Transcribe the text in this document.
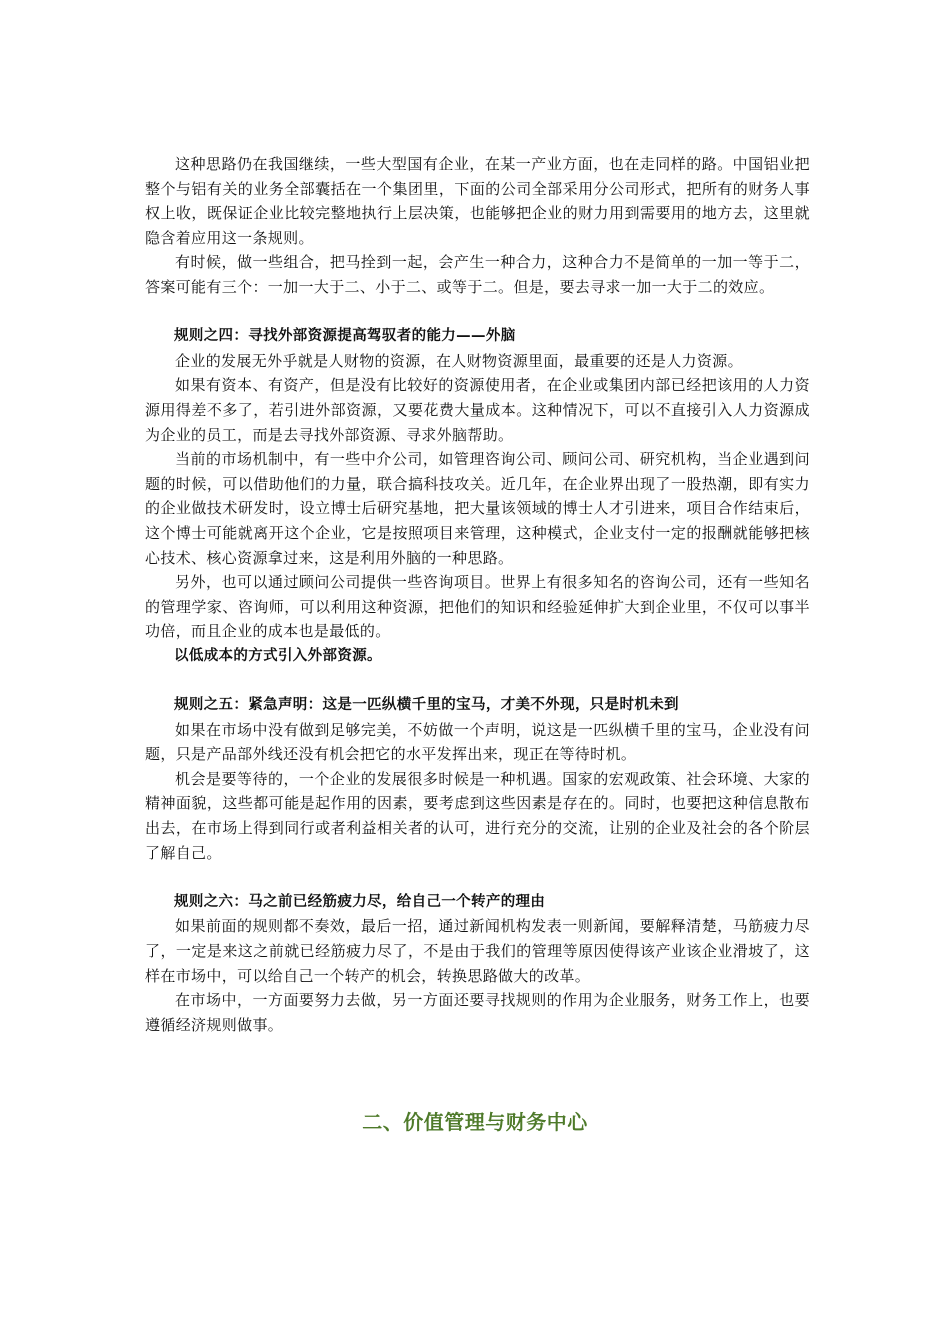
这种思路仍在我国继续，一些大型国有企业，在某一产业方面，也在走同样的路。中国铝业把整个与铝有关的业务全部囊括在一个集团里，下面的公司全部采用分公司形式，把所有的财务人事权上收，既保证企业比较完整地执行上层决策，也能够把企业的财力用到需要用的地方去，这里就隐含着应用这一条规则。

有时候，做一些组合，把马拴到一起，会产生一种合力，这种合力不是简单的一加一等于二，答案可能有三个：一加一大于二、小于二、或等于二。但是，要去寻求一加一大于二的效应。

规则之四：寻找外部资源提高驾驭者的能力——外脑

企业的发展无外乎就是人财物的资源，在人财物资源里面，最重要的还是人力资源。

如果有资本、有资产，但是没有比较好的资源使用者，在企业或集团内部已经把该用的人力资源用得差不多了，若引进外部资源，又要花费大量成本。这种情况下，可以不直接引入人力资源成为企业的员工，而是去寻找外部资源、寻求外脑帮助。

当前的市场机制中，有一些中介公司，如管理咨询公司、顾问公司、研究机构，当企业遇到问题的时候，可以借助他们的力量，联合搞科技攻关。近几年，在企业界出现了一股热潮，即有实力的企业做技术研发时，设立博士后研究基地，把大量该领域的博士人才引进来，项目合作结束后，这个博士可能就离开这个企业，它是按照项目来管理，这种模式，企业支付一定的报酬就能够把核心技术、核心资源拿过来，这是利用外脑的一种思路。

另外，也可以通过顾问公司提供一些咨询项目。世界上有很多知名的咨询公司，还有一些知名的管理学家、咨询师，可以利用这种资源，把他们的知识和经验延伸扩大到企业里，不仅可以事半功倍，而且企业的成本也是最低的。

以低成本的方式引入外部资源。

规则之五：紧急声明：这是一匹纵横千里的宝马，才美不外现，只是时机未到

如果在市场中没有做到足够完美，不妨做一个声明，说这是一匹纵横千里的宝马，企业没有问题，只是产品部外线还没有机会把它的水平发挥出来，现正在等待时机。

机会是要等待的，一个企业的发展很多时候是一种机遇。国家的宏观政策、社会环境、大家的精神面貌，这些都可能是起作用的因素，要考虑到这些因素是存在的。同时，也要把这种信息散布出去，在市场上得到同行或者利益相关者的认可，进行充分的交流，让别的企业及社会的各个阶层了解自己。

规则之六：马之前已经筋疲力尽，给自己一个转产的理由

如果前面的规则都不奏效，最后一招，通过新闻机构发表一则新闻，要解释清楚，马筋疲力尽了，一定是来这之前就已经筋疲力尽了，不是由于我们的管理等原因使得该产业该企业滑坡了，这样在市场中，可以给自己一个转产的机会，转换思路做大的改革。

在市场中，一方面要努力去做，另一方面还要寻找规则的作用为企业服务，财务工作上，也要遵循经济规则做事。

二、价值管理与财务中心
